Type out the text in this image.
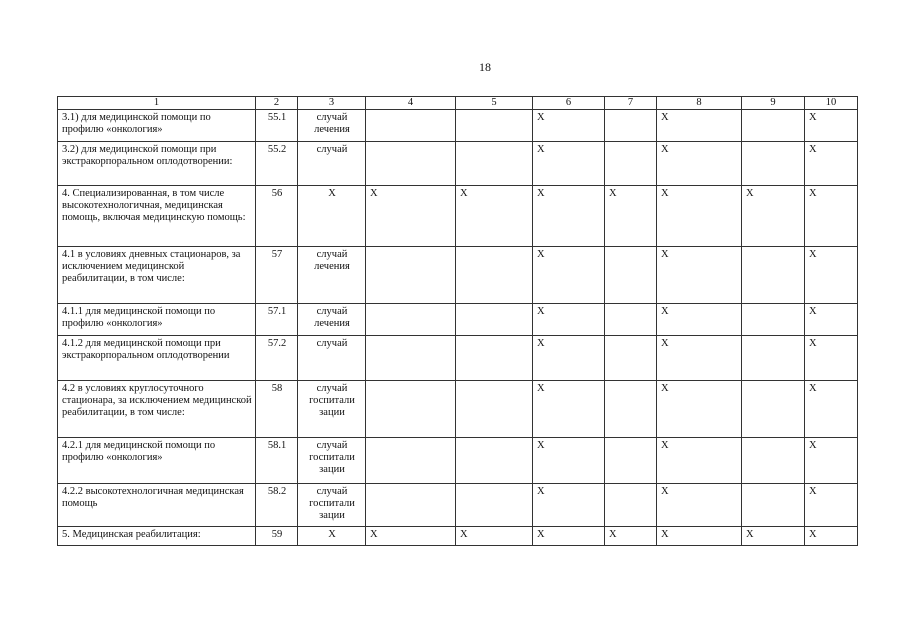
18
1	2	3	4	5	6	7	8	9	10
3.1) для медицинской помощи по профилю «онкология»	55.1	случай лечения			X		X		X
3.2) для медицинской помощи при экстракорпоральном оплодотворении:	55.2	случай			X		X		X
4. Специализированная, в том числе высокотехнологичная, медицинская помощь, включая медицинскую помощь:	56	X	X	X	X	X	X	X	X
4.1 в условиях дневных стационаров, за исключением медицинской реабилитации, в том числе:	57	случай лечения			X		X		X
4.1.1 для медицинской помощи по профилю «онкология»	57.1	случай лечения			X		X		X
4.1.2 для медицинской помощи при экстракорпоральном оплодотворении	57.2	случай			X		X		X
4.2 в условиях круглосуточного стационара, за исключением медицинской реабилитации, в том числе:	58	случай госпитали зации			X		X		X
4.2.1 для медицинской помощи по профилю «онкология»	58.1	случай госпитали зации			X		X		X
4.2.2 высокотехнологичная медицинская помощь	58.2	случай госпитали зации			X		X		X
5. Медицинская реабилитация:	59	X	X	X	X	X	X	X	X
